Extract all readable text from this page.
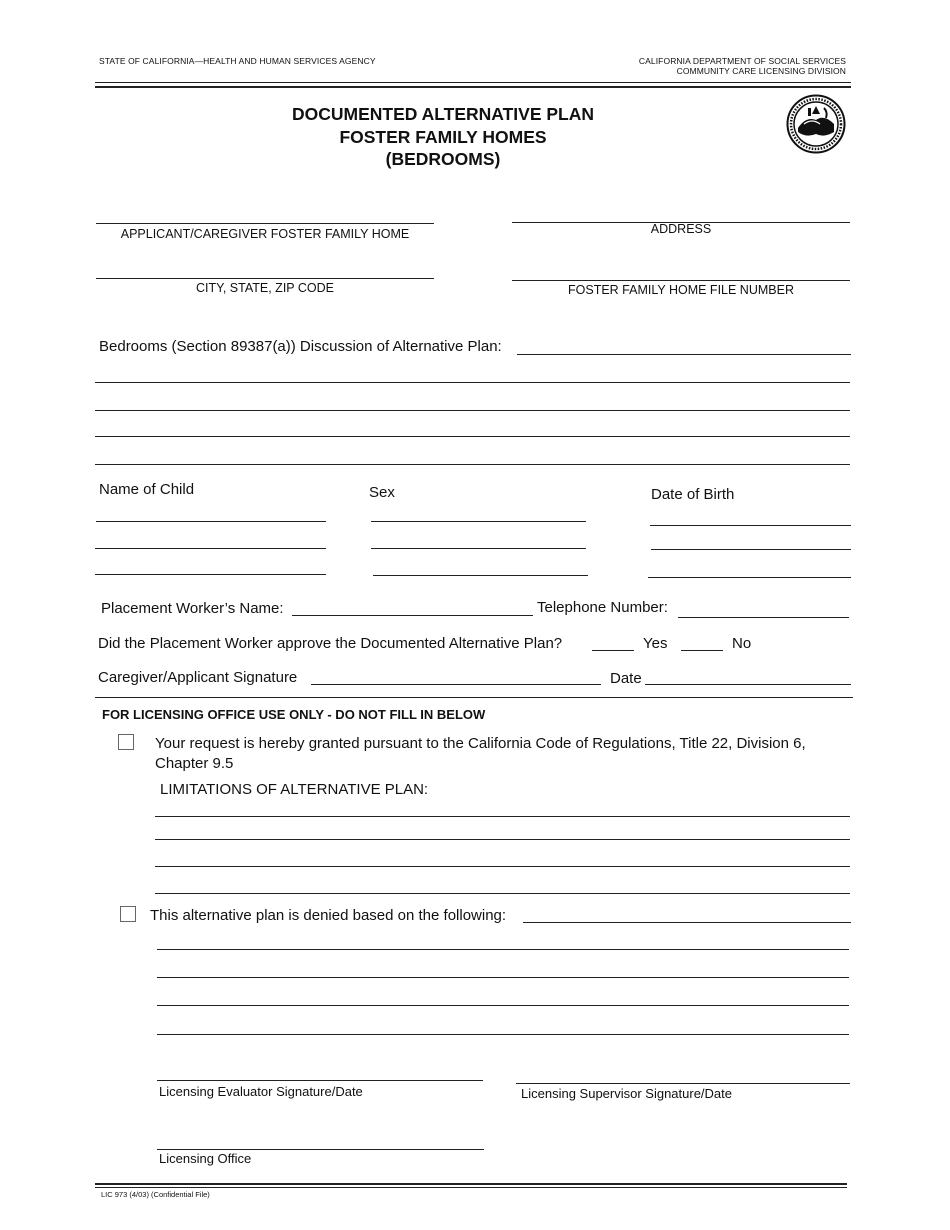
STATE OF CALIFORNIA—HEALTH AND HUMAN SERVICES AGENCY	CALIFORNIA DEPARTMENT OF SOCIAL SERVICES
COMMUNITY CARE LICENSING DIVISION
DOCUMENTED ALTERNATIVE PLAN
FOSTER FAMILY HOMES
(BEDROOMS)
APPLICANT/CAREGIVER FOSTER FAMILY HOME	ADDRESS
CITY, STATE, ZIP CODE	FOSTER FAMILY HOME FILE NUMBER
Bedrooms (Section 89387(a)) Discussion of Alternative Plan:
Name of Child	Sex	Date of Birth
Placement Worker’s Name:	Telephone Number:
Did the Placement Worker approve the Documented Alternative Plan?	Yes	No
Caregiver/Applicant Signature	Date
FOR LICENSING OFFICE USE ONLY - DO NOT FILL IN BELOW
Your request is hereby granted pursuant to the California Code of Regulations, Title 22, Division 6,
Chapter 9.5
LIMITATIONS OF ALTERNATIVE PLAN:
This alternative plan is denied based on the following:
Licensing Evaluator Signature/Date	Licensing Supervisor Signature/Date
Licensing Office
LIC 973 (4/03) (Confidential File)
